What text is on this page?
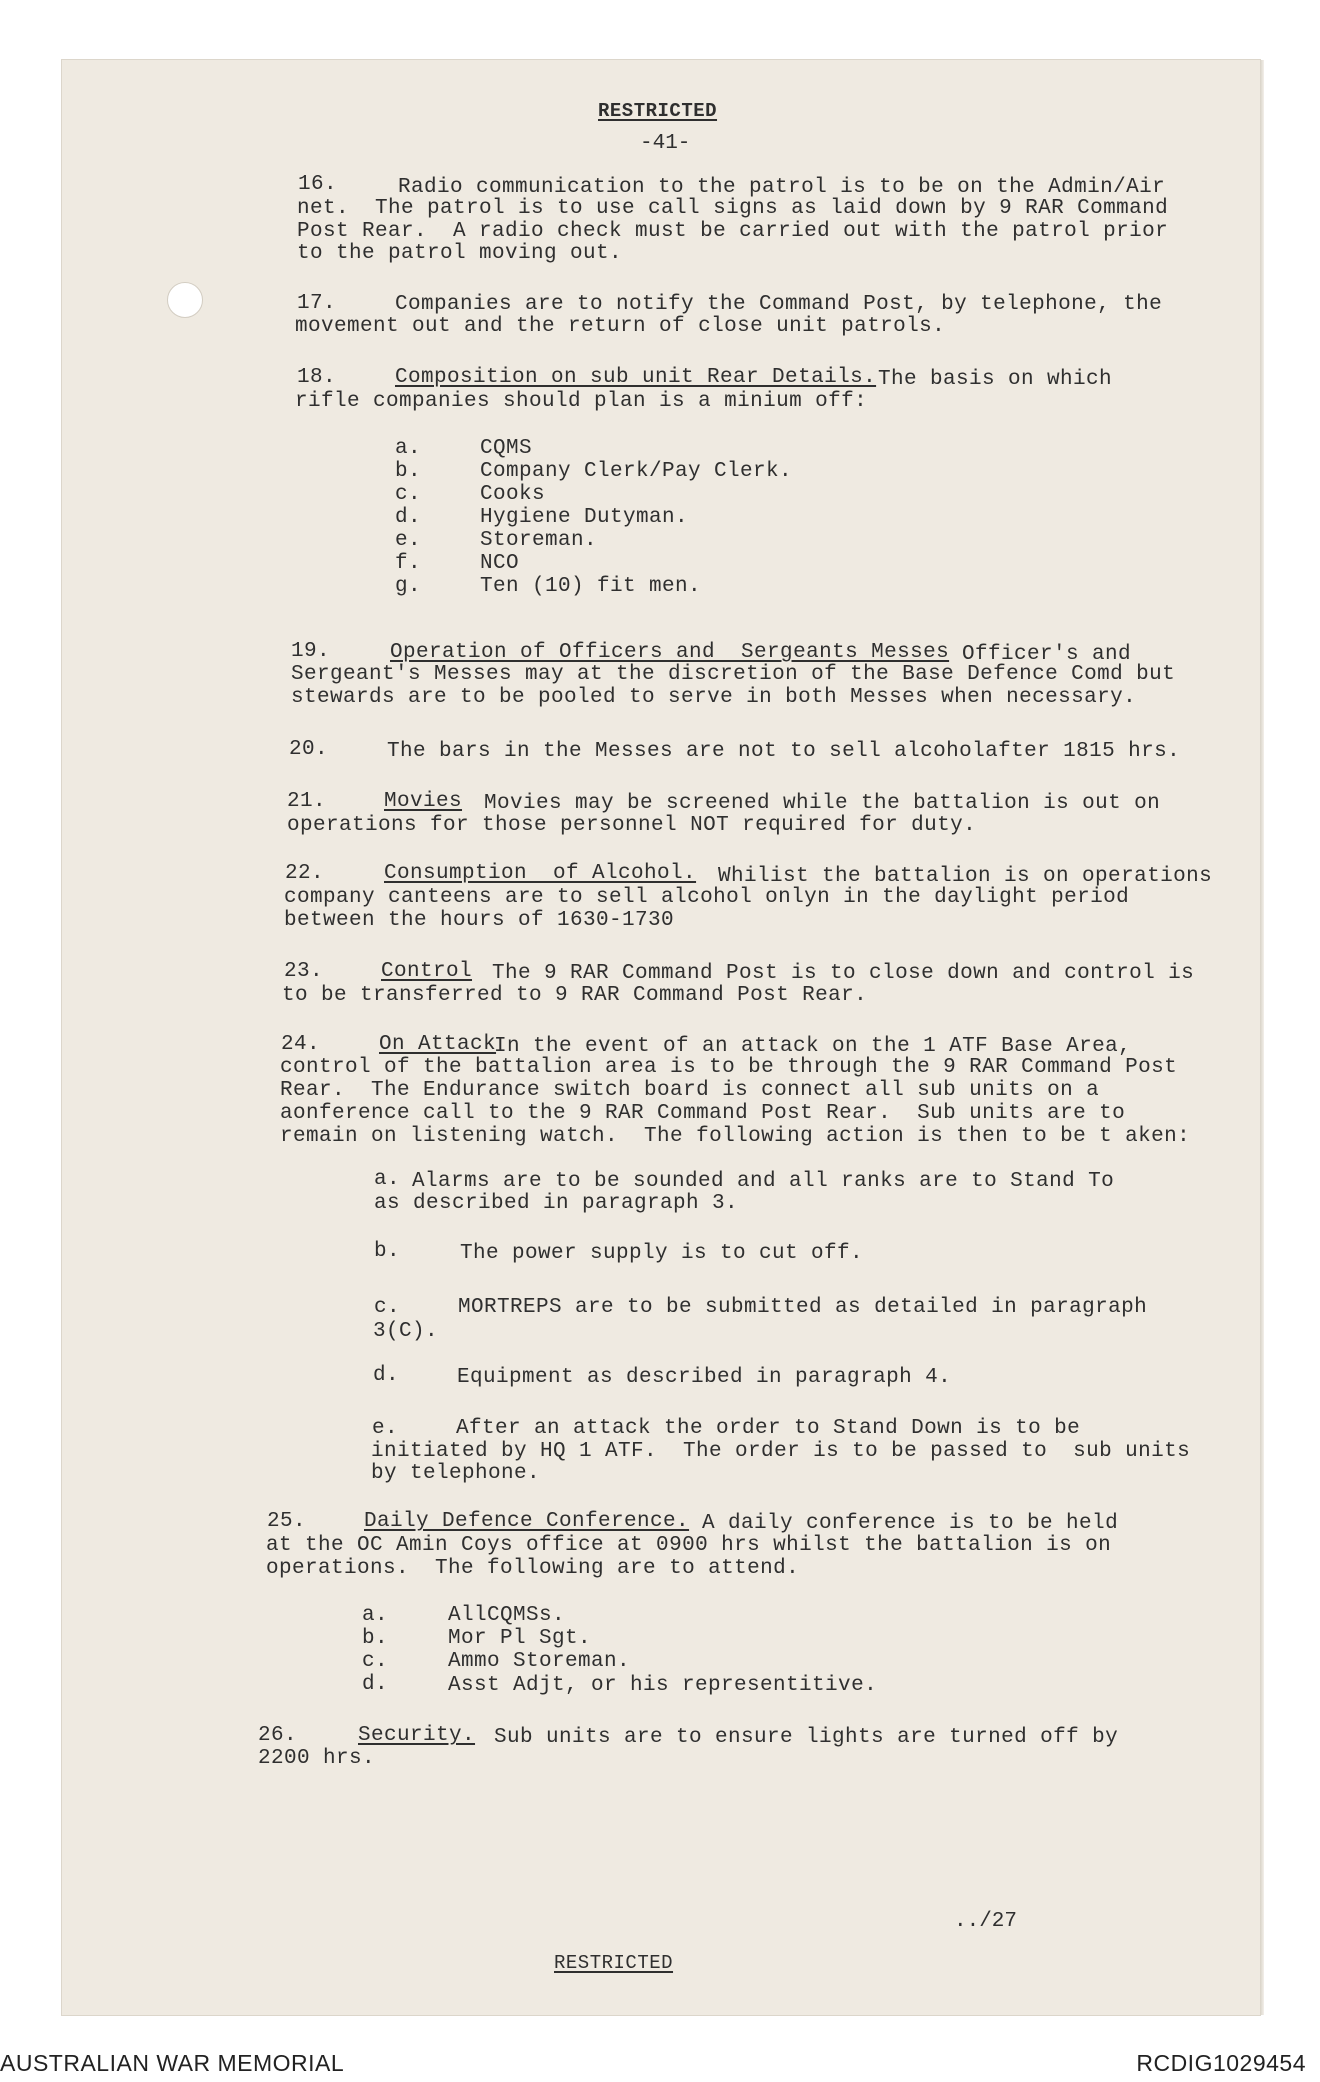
RESTRICTED
-41-
16.	Radio communication to the patrol is to be on the Admin/Air
net.  The patrol is to use call signs as laid down by 9 RAR Command
Post Rear.  A radio check must be carried out with the patrol prior
to the patrol moving out.
17.	Companies are to notify the Command Post, by telephone, the
movement out and the return of close unit patrols.
18.	Composition on sub unit Rear Details. The basis on which
rifle companies should plan is a minium off:
a.	CQMS
b.	Company Clerk/Pay Clerk.
c.	Cooks
d.	Hygiene Dutyman.
e.	Storeman.
f.	NCO
g.	Ten (10) fit men.
19.	Operation of Officers and  Sergeants Messes Officer's and
Sergeant's Messes may at the discretion of the Base Defence Comd but
stewards are to be pooled to serve in both Messes when necessary.
20.	The bars in the Messes are not to sell alcoholafter 1815 hrs.
21.	Movies Movies may be screened while the battalion is out on
operations for those personnel NOT required for duty.
22.	Consumption  of Alcohol. Whilist the battalion is on operations
company canteens are to sell alcohol onlyn in the daylight period
between the hours of 1630-1730
23.	Control The 9 RAR Command Post is to close down and control is
to be transferred to 9 RAR Command Post Rear.
24.	On Attack
In the event of an attack on the 1 ATF Base Area,
control of the battalion area is to be through the 9 RAR Command Post
Rear.  The Endurance switch board is connect all sub units on a
aonference call to the 9 RAR Command Post Rear.  Sub units are to
remain on listening watch.  The following action is then to be t aken:
a. Alarms are to be sounded and all ranks are to Stand To
as described in paragraph 3.
b.	The power supply is to cut off.
c.	MORTREPS are to be submitted as detailed in paragraph
3(C).
d.	Equipment as described in paragraph 4.
e.	After an attack the order to Stand Down is to be
initiated by HQ 1 ATF.  The order is to be passed to  sub units
by telephone.
25.	Daily Defence Conference. A daily conference is to be held
at the OC Amin Coys office at 0900 hrs whilst the battalion is on
operations.  The following are to attend.
a.	AllCQMSs.
b.	Mor Pl Sgt.
c.	Ammo Storeman.
d.	Asst Adjt, or his representitive.
26.	Security. Sub units are to ensure lights are turned off by
2200 hrs.
../27
RESTRICTED
AUSTRALIAN WAR MEMORIAL	RCDIG1029454
